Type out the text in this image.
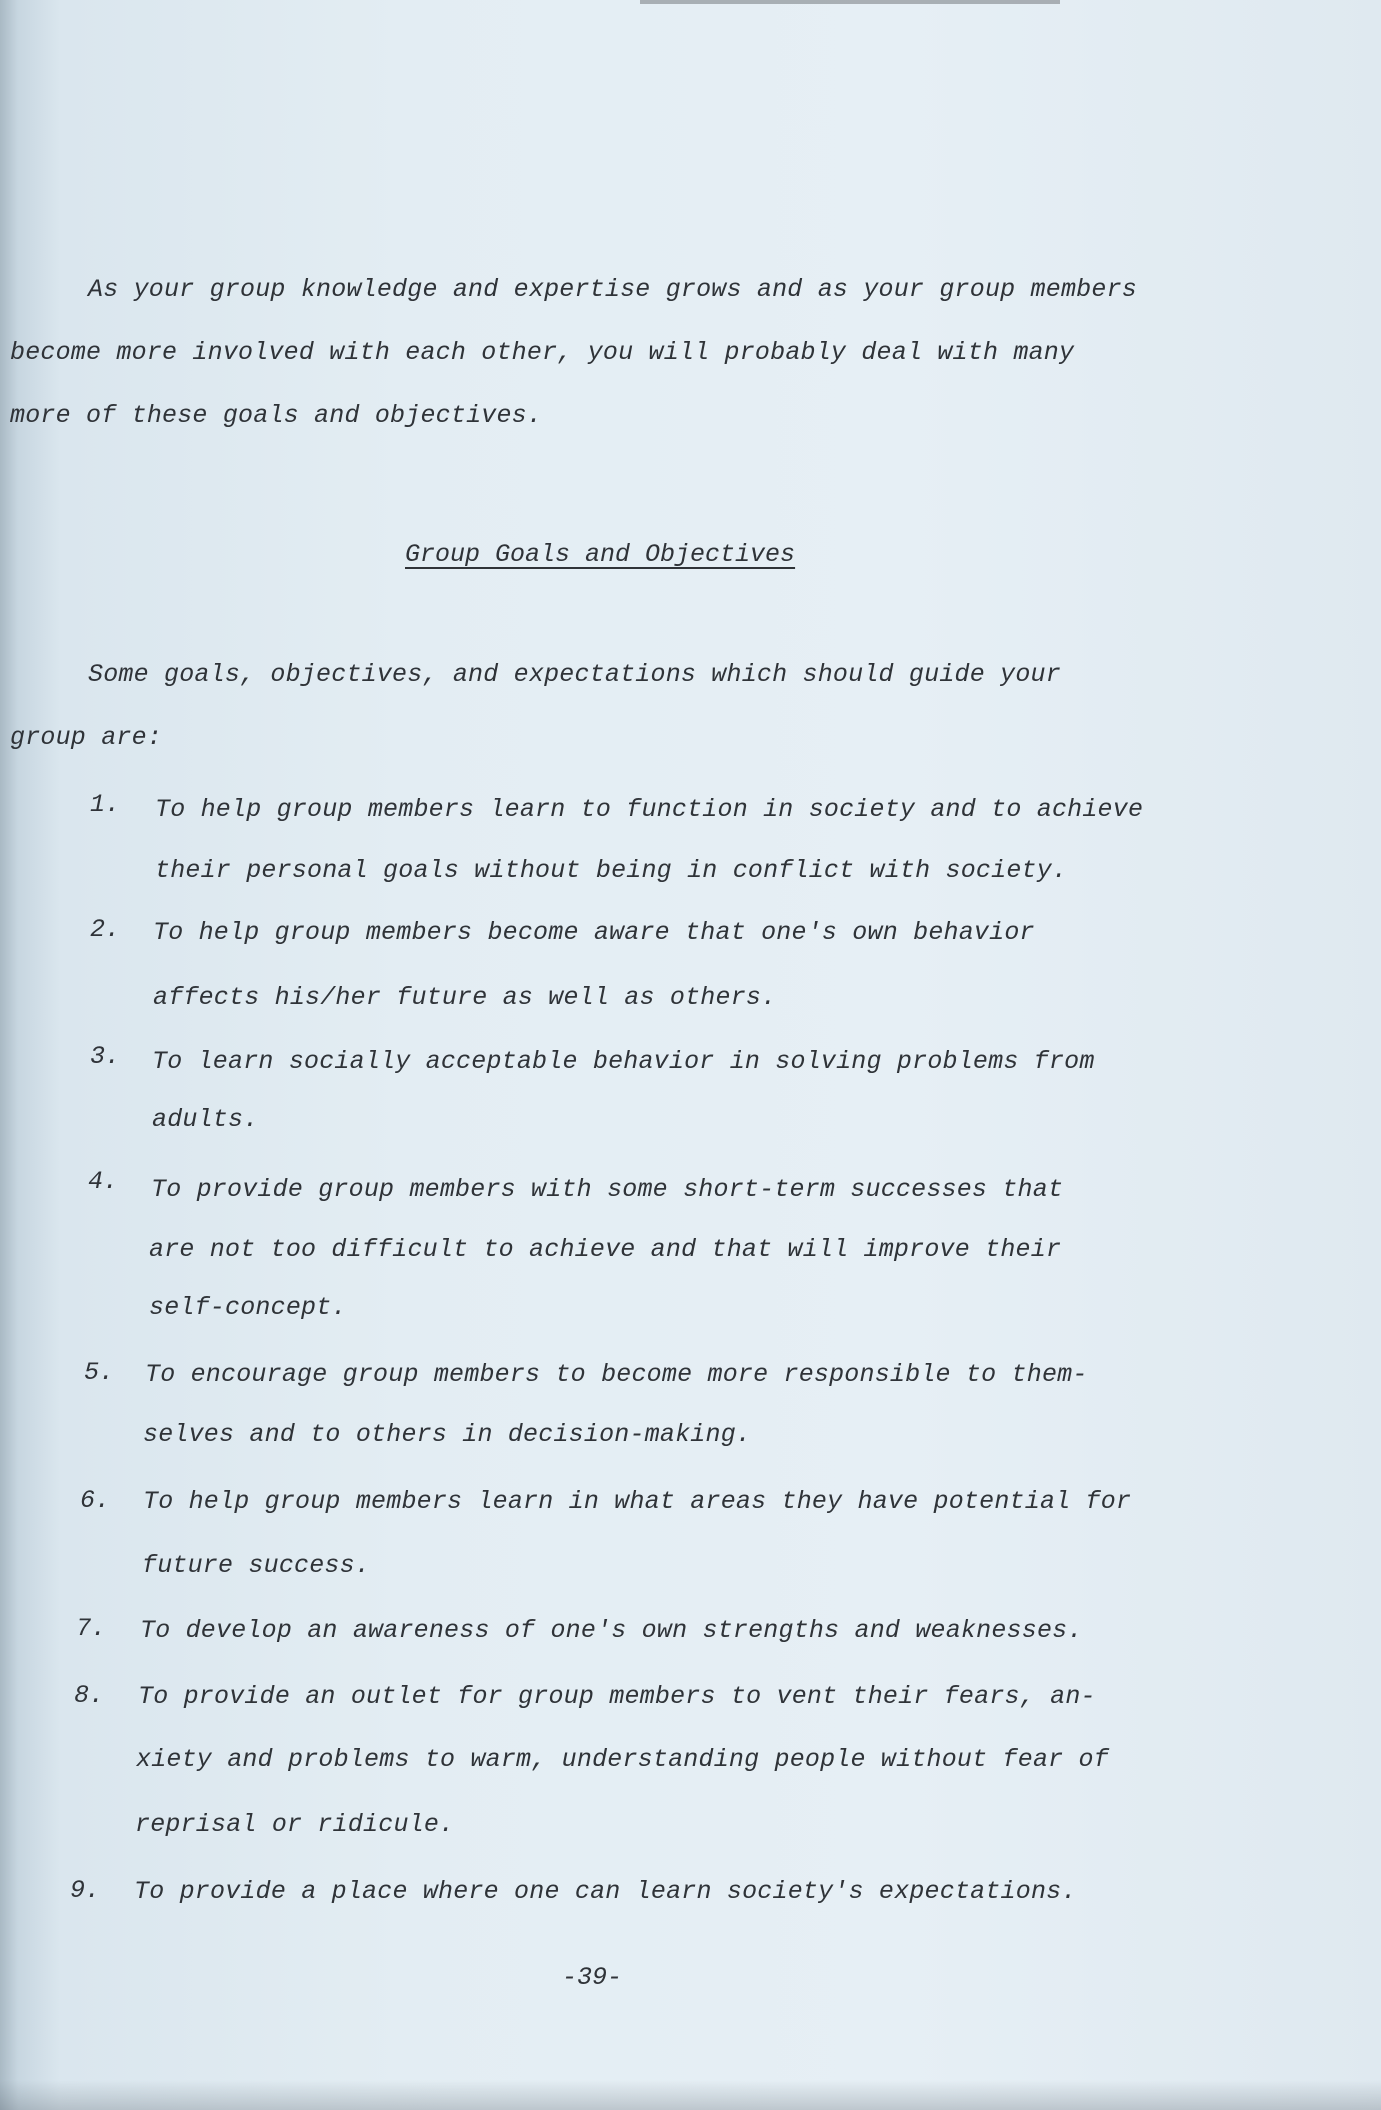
As your group knowledge and expertise grows and as your group members

become more involved with each other, you will probably deal with many

more of these goals and objectives.

Group Goals and Objectives

Some goals, objectives, and expectations which should guide your

group are:

1. To help group members learn to function in society and to achieve

their personal goals without being in conflict with society.

2. To help group members become aware that one's own behavior

affects his/her future as well as others.

3. To learn socially acceptable behavior in solving problems from

adults.

4. To provide group members with some short-term successes that

are not too difficult to achieve and that will improve their

self-concept.

5. To encourage group members to become more responsible to them-

selves and to others in decision-making.

6. To help group members learn in what areas they have potential for

future success.

7. To develop an awareness of one's own strengths and weaknesses.

8. To provide an outlet for group members to vent their fears, an-

xiety and problems to warm, understanding people without fear of

reprisal or ridicule.

9. To provide a place where one can learn society's expectations.

-39-
